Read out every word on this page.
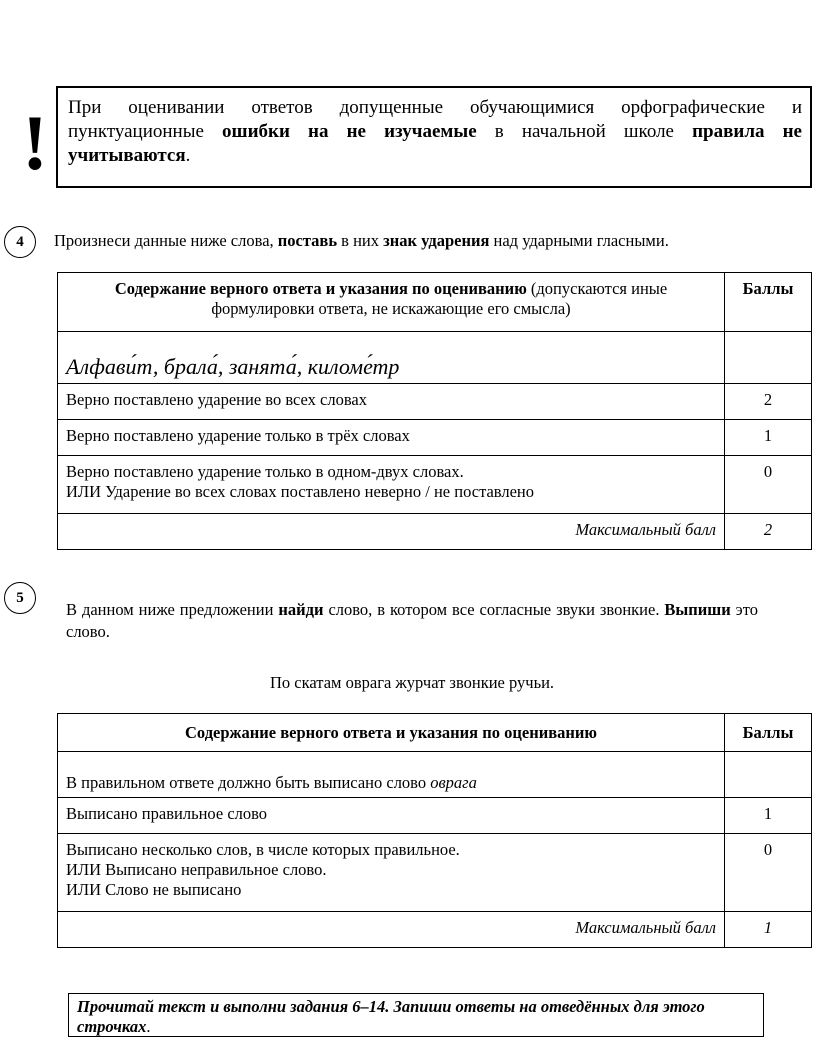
!	При оценивании ответов допущенные обучающимися орфографические и пунктуационные ошибки на не изучаемые в начальной школе правила не учитываются.
4	Произнеси данные ниже слова, поставь в них знак ударения над ударными гласными.
Содержание верного ответа и указания по оцениванию (допускаются иные формулировки ответа, не искажающие его смысла)	Баллы
Алфави́т, брала́, занята́, киломе́тр	
Верно поставлено ударение во всех словах	2
Верно поставлено ударение только в трёх словах	1
Верно поставлено ударение только в одном-двух словах.
ИЛИ Ударение во всех словах поставлено неверно / не поставлено	0
Максимальный балл	2
5
В данном ниже предложении найди слово, в котором все согласные звуки звонкие. Выпиши это слово.
По скатам оврага журчат звонкие ручьи.
Содержание верного ответа и указания по оцениванию	Баллы
В правильном ответе должно быть выписано слово оврага	
Выписано правильное слово	1
Выписано несколько слов, в числе которых правильное.
ИЛИ Выписано неправильное слово.
ИЛИ Слово не выписано	0
Максимальный балл	1
Прочитай текст и выполни задания 6–14. Запиши ответы на отведённых для этого строчках.
